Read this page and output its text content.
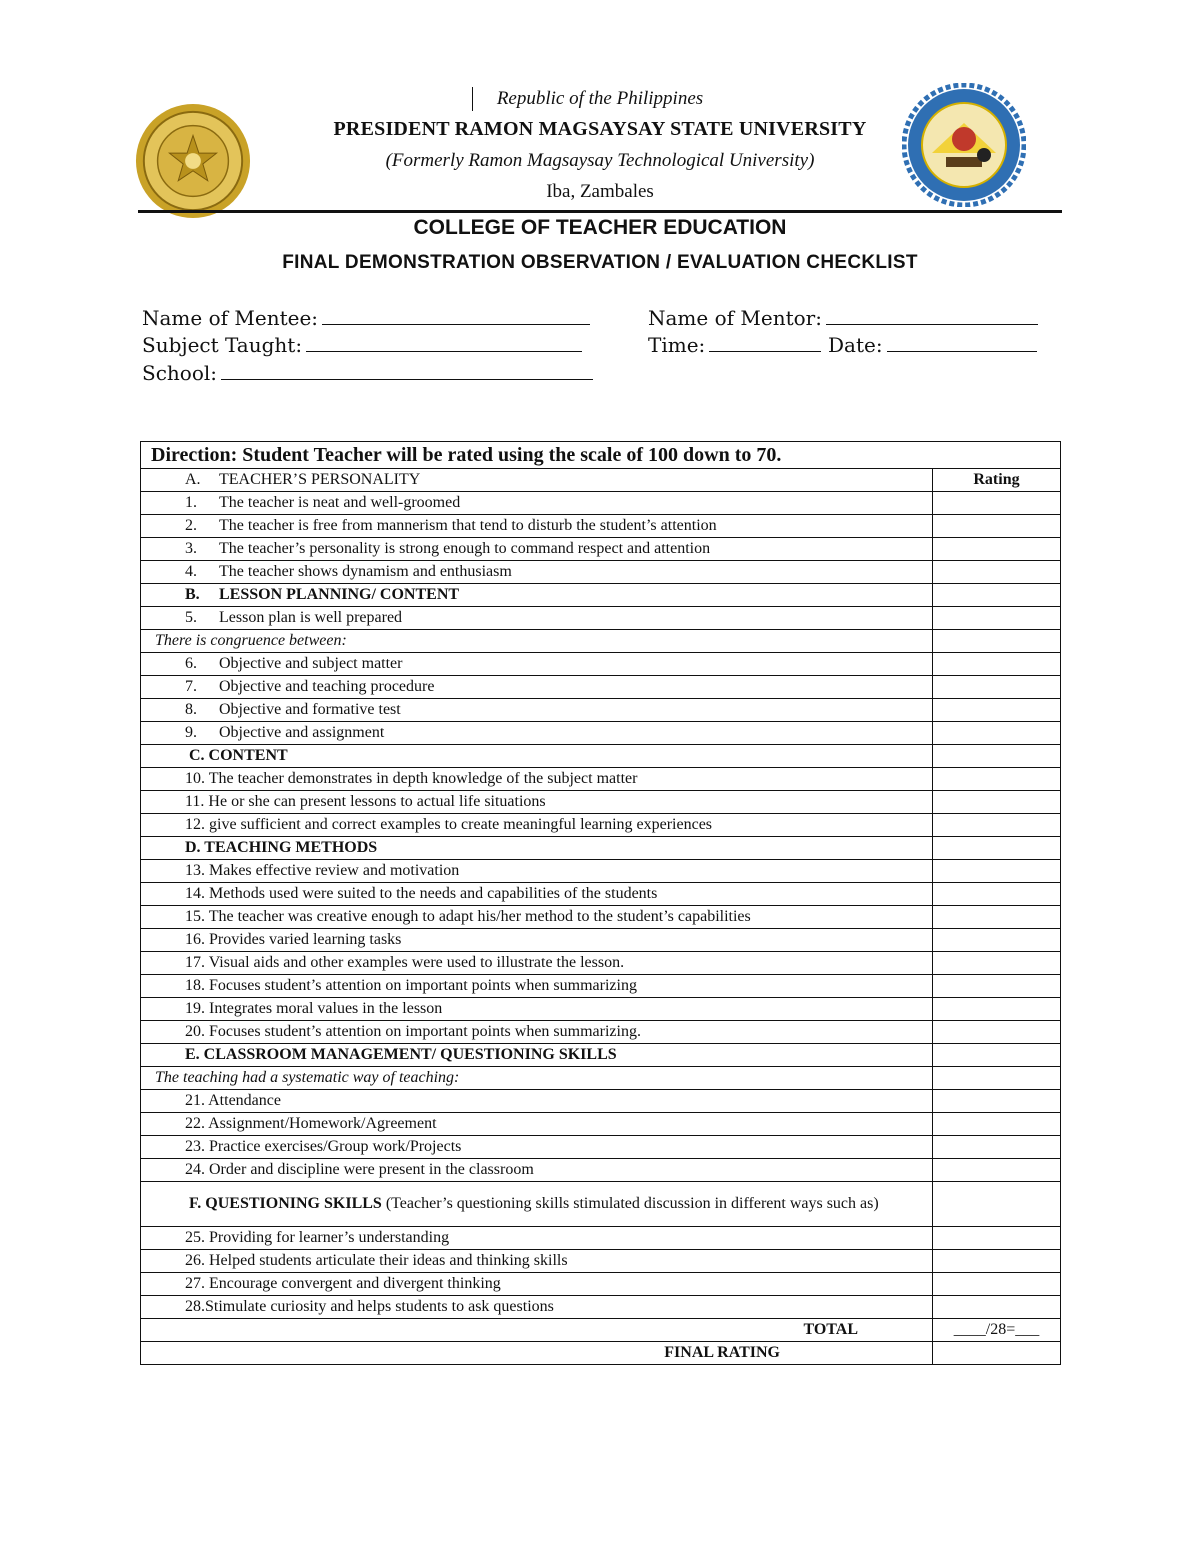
Republic of the Philippines
PRESIDENT RAMON MAGSAYSAY STATE UNIVERSITY
(Formerly Ramon Magsaysay Technological University)
Iba, Zambales
COLLEGE OF TEACHER EDUCATION
FINAL DEMONSTRATION OBSERVATION / EVALUATION CHECKLIST
Name of Mentee:	Name of Mentor:
Subject Taught:	Time:	Date:
School:
Direction: Student Teacher will be rated using the scale of 100 down to 70.	
A. TEACHER’S PERSONALITY	Rating
1. The teacher is neat and well-groomed	
2. The teacher is free from mannerism that tend to disturb the student’s attention	
3. The teacher’s personality is strong enough to command respect and attention	
4. The teacher shows dynamism and enthusiasm	
B. LESSON PLANNING/ CONTENT	
5. Lesson plan is well prepared	
There is congruence between:	
6. Objective and subject matter	
7. Objective and teaching procedure	
8. Objective and formative test	
9. Objective and assignment	
C. CONTENT	
10. The teacher demonstrates in depth knowledge of the subject matter	
11. He or she can present lessons to actual life situations	
12. give sufficient and correct examples to create meaningful learning experiences	
D. TEACHING METHODS	
13. Makes effective review and motivation	
14. Methods used were suited to the needs and capabilities of the students	
15. The teacher was creative enough to adapt his/her method to the student’s capabilities	
16. Provides varied learning tasks	
17. Visual aids and other examples were used to illustrate the lesson.	
18. Focuses student’s attention on important points when summarizing	
19. Integrates moral values in the lesson	
20. Focuses student’s attention on important points when summarizing.	
E. CLASSROOM MANAGEMENT/ QUESTIONING SKILLS	
The teaching had a systematic way of teaching:	
21. Attendance	
22. Assignment/Homework/Agreement	
23. Practice exercises/Group work/Projects	
24. Order and discipline were present in the classroom	
F. QUESTIONING SKILLS (Teacher’s questioning skills stimulated discussion in different ways such as)	
25. Providing for learner’s understanding	
26. Helped students articulate their ideas and thinking skills	
27. Encourage convergent and divergent thinking	
28.Stimulate curiosity and helps students to ask questions	
TOTAL	____/28=___
FINAL RATING	
